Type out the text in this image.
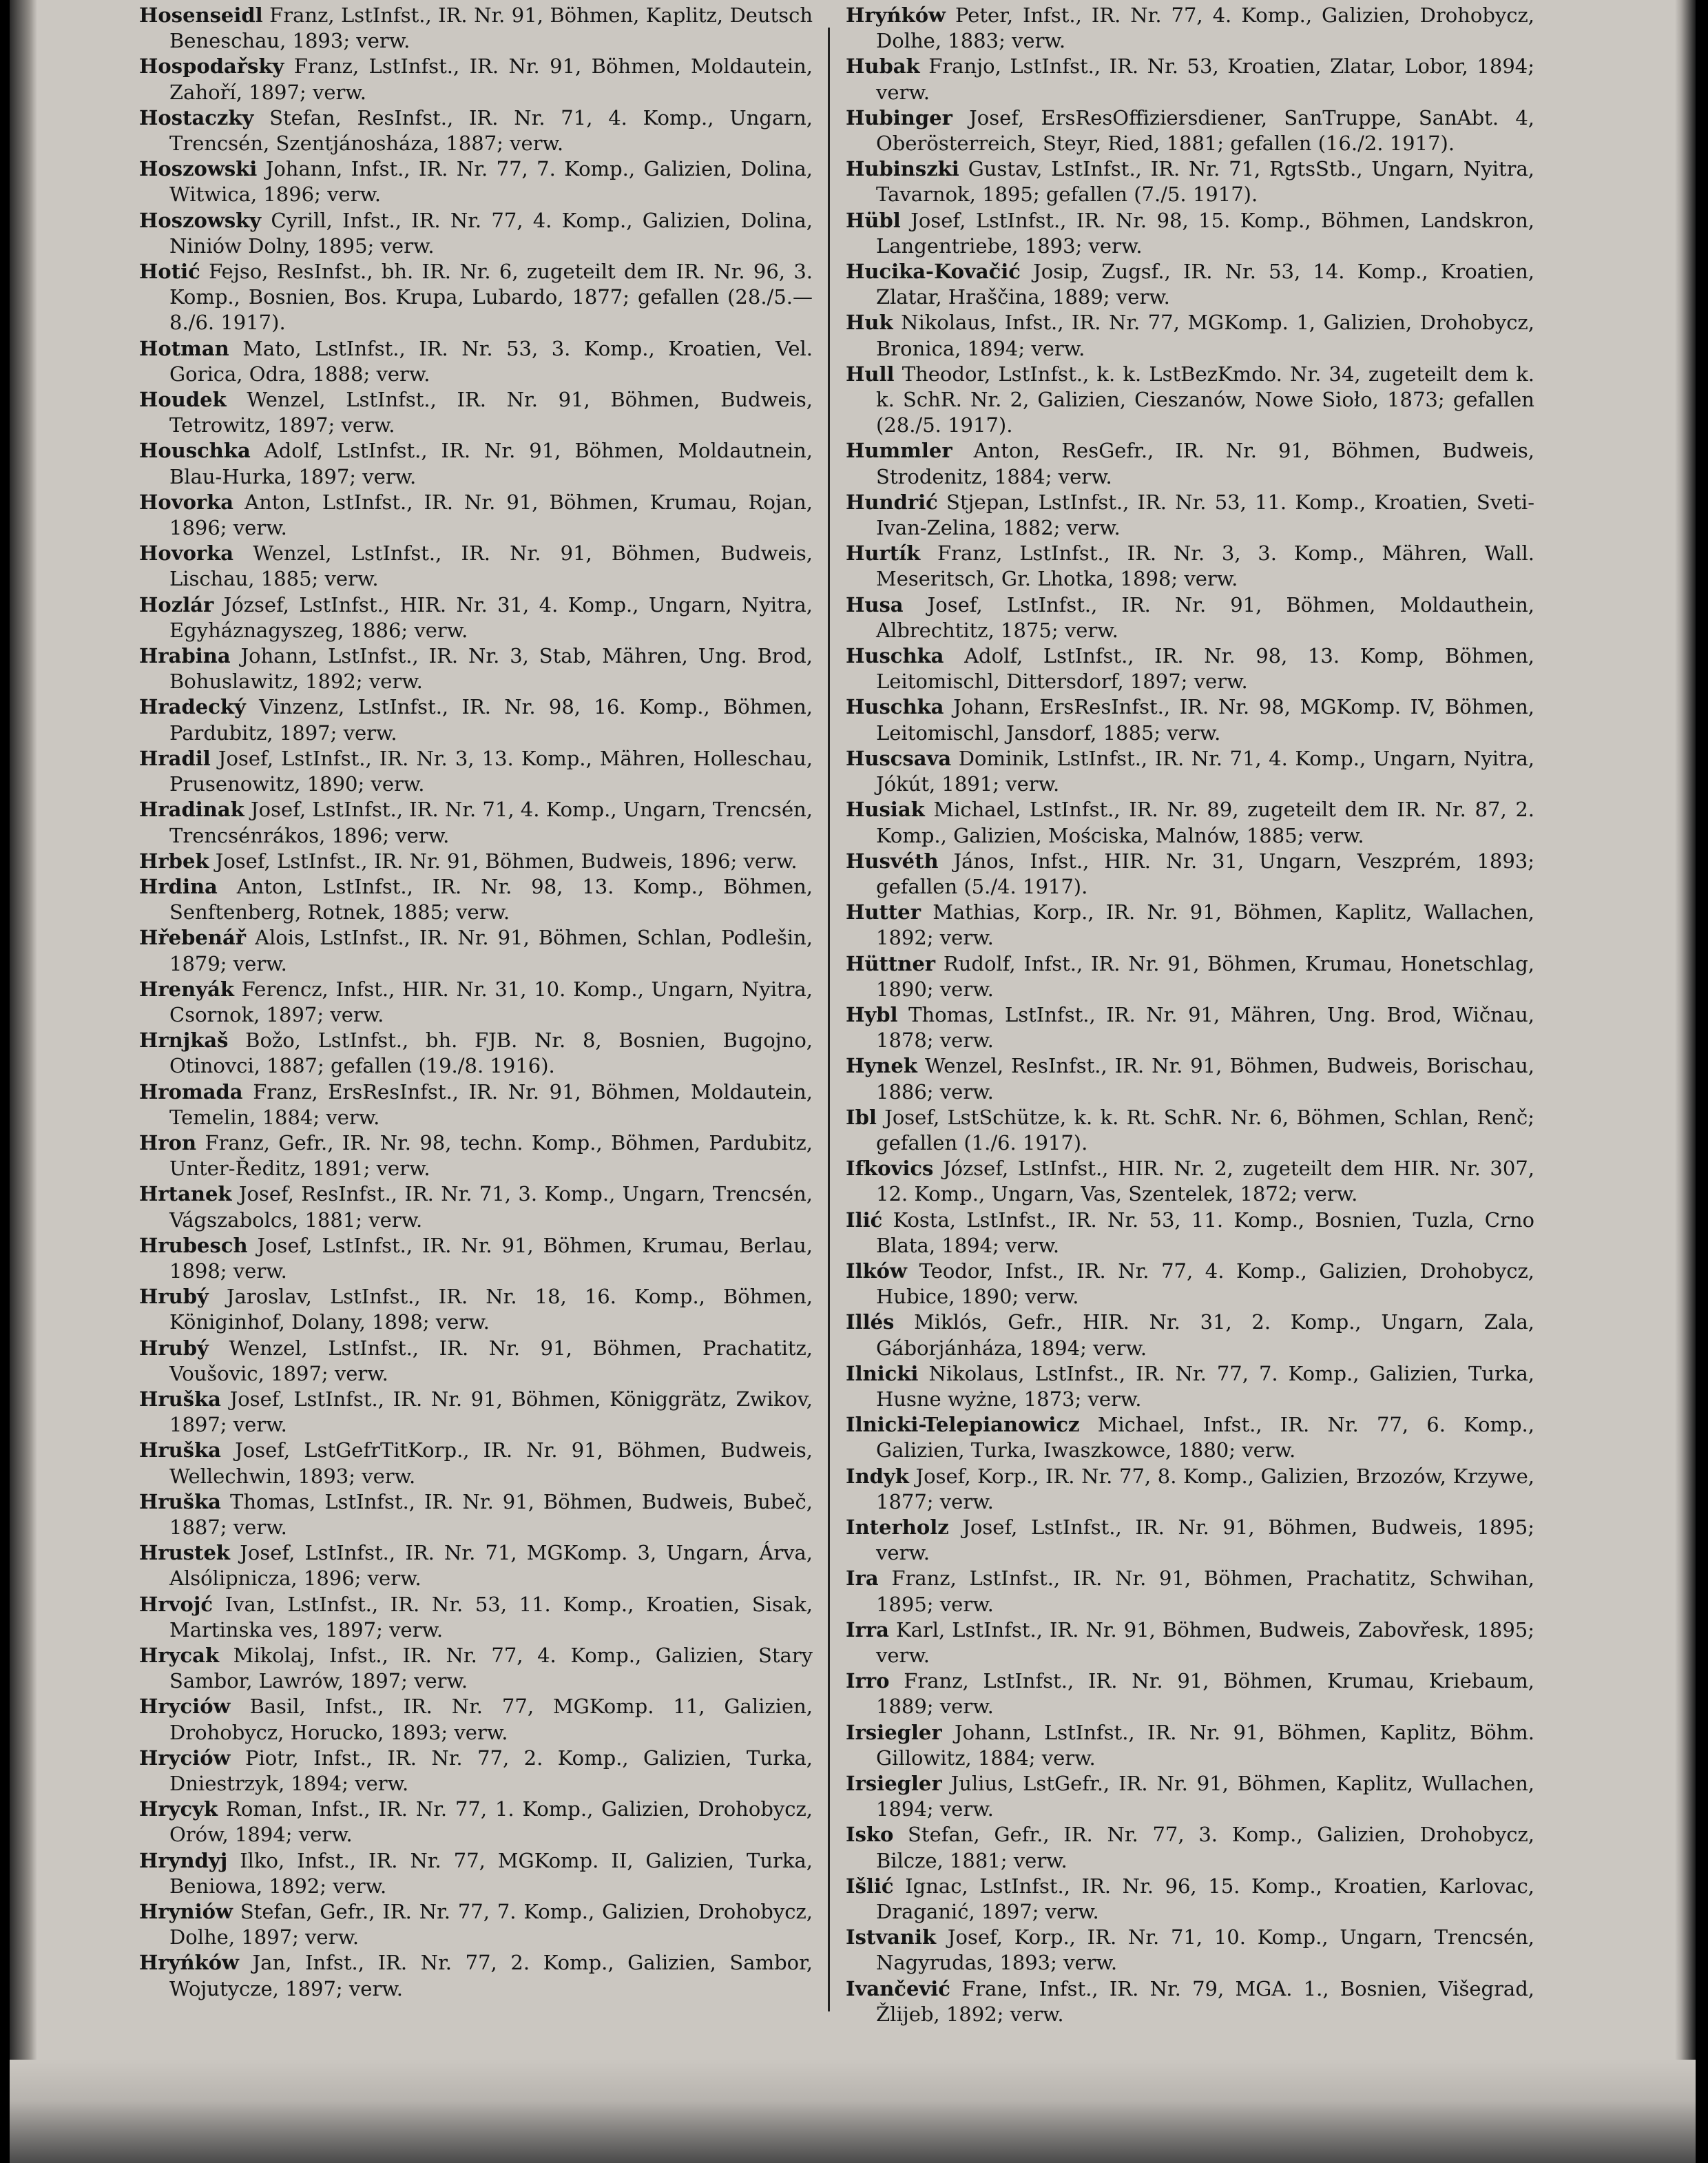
Hosenseidl Franz, LstInfst., IR. Nr. 91, Böhmen, Kaplitz, Deutsch Beneschau, 1893; verw.

Hospodařsky Franz, LstInfst., IR. Nr. 91, Böhmen, Moldautein, Zahoří, 1897; verw.

Hostaczky Stefan, ResInfst., IR. Nr. 71, 4. Komp., Ungarn, Trencsén, Szentjánosháza, 1887; verw.

Hoszowski Johann, Infst., IR. Nr. 77, 7. Komp., Galizien, Dolina, Witwica, 1896; verw.

Hoszowsky Cyrill, Infst., IR. Nr. 77, 4. Komp., Galizien, Dolina, Niniów Dolny, 1895; verw.

Hotić Fejso, ResInfst., bh. IR. Nr. 6, zugeteilt dem IR. Nr. 96, 3. Komp., Bosnien, Bos. Krupa, Lubardo, 1877; gefallen (28./5.—8./6. 1917).

Hotman Mato, LstInfst., IR. Nr. 53, 3. Komp., Kroatien, Vel. Gorica, Odra, 1888; verw.

Houdek Wenzel, LstInfst., IR. Nr. 91, Böhmen, Budweis, Tetrowitz, 1897; verw.

Houschka Adolf, LstInfst., IR. Nr. 91, Böhmen, Moldautnein, Blau-Hurka, 1897; verw.

Hovorka Anton, LstInfst., IR. Nr. 91, Böhmen, Krumau, Rojan, 1896; verw.

Hovorka Wenzel, LstInfst., IR. Nr. 91, Böhmen, Budweis, Lischau, 1885; verw.

Hozlár József, LstInfst., HIR. Nr. 31, 4. Komp., Ungarn, Nyitra, Egyháznagyszeg, 1886; verw.

Hrabina Johann, LstInfst., IR. Nr. 3, Stab, Mähren, Ung. Brod, Bohuslawitz, 1892; verw.

Hradecký Vinzenz, LstInfst., IR. Nr. 98, 16. Komp., Böhmen, Pardubitz, 1897; verw.

Hradil Josef, LstInfst., IR. Nr. 3, 13. Komp., Mähren, Holleschau, Prusenowitz, 1890; verw.

Hradinak Josef, LstInfst., IR. Nr. 71, 4. Komp., Ungarn, Trencsén, Trencsénrákos, 1896; verw.

Hrbek Josef, LstInfst., IR. Nr. 91, Böhmen, Budweis, 1896; verw.

Hrdina Anton, LstInfst., IR. Nr. 98, 13. Komp., Böhmen, Senftenberg, Rotnek, 1885; verw.

Hřebenář Alois, LstInfst., IR. Nr. 91, Böhmen, Schlan, Podlešin, 1879; verw.

Hrenyák Ferencz, Infst., HIR. Nr. 31, 10. Komp., Ungarn, Nyitra, Csornok, 1897; verw.

Hrnjkaš Božo, LstInfst., bh. FJB. Nr. 8, Bosnien, Bugojno, Otinovci, 1887; gefallen (19./8. 1916).

Hromada Franz, ErsResInfst., IR. Nr. 91, Böhmen, Moldautein, Temelin, 1884; verw.

Hron Franz, Gefr., IR. Nr. 98, techn. Komp., Böhmen, Pardubitz, Unter-Ředitz, 1891; verw.

Hrtanek Josef, ResInfst., IR. Nr. 71, 3. Komp., Ungarn, Trencsén, Vágszabolcs, 1881; verw.

Hrubesch Josef, LstInfst., IR. Nr. 91, Böhmen, Krumau, Berlau, 1898; verw.

Hrubý Jaroslav, LstInfst., IR. Nr. 18, 16. Komp., Böhmen, Königinhof, Dolany, 1898; verw.

Hrubý Wenzel, LstInfst., IR. Nr. 91, Böhmen, Prachatitz, Voušovic, 1897; verw.

Hruška Josef, LstInfst., IR. Nr. 91, Böhmen, Königgrätz, Zwikov, 1897; verw.

Hruška Josef, LstGefrTitKorp., IR. Nr. 91, Böhmen, Budweis, Wellechwin, 1893; verw.

Hruška Thomas, LstInfst., IR. Nr. 91, Böhmen, Budweis, Bubeč, 1887; verw.

Hrustek Josef, LstInfst., IR. Nr. 71, MGKomp. 3, Ungarn, Árva, Alsólipnicza, 1896; verw.

Hrvojć Ivan, LstInfst., IR. Nr. 53, 11. Komp., Kroatien, Sisak, Martinska ves, 1897; verw.

Hrycak Mikolaj, Infst., IR. Nr. 77, 4. Komp., Galizien, Stary Sambor, Lawrów, 1897; verw.

Hryciów Basil, Infst., IR. Nr. 77, MGKomp. 11, Galizien, Drohobycz, Horucko, 1893; verw.

Hryciów Piotr, Infst., IR. Nr. 77, 2. Komp., Galizien, Turka, Dniestrzyk, 1894; verw.

Hrycyk Roman, Infst., IR. Nr. 77, 1. Komp., Galizien, Drohobycz, Orów, 1894; verw.

Hryndyj Ilko, Infst., IR. Nr. 77, MGKomp. II, Galizien, Turka, Beniowa, 1892; verw.

Hryniów Stefan, Gefr., IR. Nr. 77, 7. Komp., Galizien, Drohobycz, Dolhe, 1897; verw.

Hryńków Jan, Infst., IR. Nr. 77, 2. Komp., Galizien, Sambor, Wojutycze, 1897; verw.

Hryńków Peter, Infst., IR. Nr. 77, 4. Komp., Galizien, Drohobycz, Dolhe, 1883; verw.

Hubak Franjo, LstInfst., IR. Nr. 53, Kroatien, Zlatar, Lobor, 1894; verw.

Hubinger Josef, ErsResOffiziersdiener, SanTruppe, SanAbt. 4, Oberösterreich, Steyr, Ried, 1881; gefallen (16./2. 1917).

Hubinszki Gustav, LstInfst., IR. Nr. 71, RgtsStb., Ungarn, Nyitra, Tavarnok, 1895; gefallen (7./5. 1917).

Hübl Josef, LstInfst., IR. Nr. 98, 15. Komp., Böhmen, Landskron, Langentriebe, 1893; verw.

Hucika-Kovačić Josip, Zugsf., IR. Nr. 53, 14. Komp., Kroatien, Zlatar, Hraščina, 1889; verw.

Huk Nikolaus, Infst., IR. Nr. 77, MGKomp. 1, Galizien, Drohobycz, Bronica, 1894; verw.

Hull Theodor, LstInfst., k. k. LstBezKmdo. Nr. 34, zugeteilt dem k. k. SchR. Nr. 2, Galizien, Cieszanów, Nowe Sioło, 1873; gefallen (28./5. 1917).

Hummler Anton, ResGefr., IR. Nr. 91, Böhmen, Budweis, Strodenitz, 1884; verw.

Hundrić Stjepan, LstInfst., IR. Nr. 53, 11. Komp., Kroatien, Sveti-Ivan-Zelina, 1882; verw.

Hurtík Franz, LstInfst., IR. Nr. 3, 3. Komp., Mähren, Wall. Meseritsch, Gr. Lhotka, 1898; verw.

Husa Josef, LstInfst., IR. Nr. 91, Böhmen, Moldauthein, Albrechtitz, 1875; verw.

Huschka Adolf, LstInfst., IR. Nr. 98, 13. Komp, Böhmen, Leitomischl, Dittersdorf, 1897; verw.

Huschka Johann, ErsResInfst., IR. Nr. 98, MGKomp. IV, Böhmen, Leitomischl, Jansdorf, 1885; verw.

Huscsava Dominik, LstInfst., IR. Nr. 71, 4. Komp., Ungarn, Nyitra, Jókút, 1891; verw.

Husiak Michael, LstInfst., IR. Nr. 89, zugeteilt dem IR. Nr. 87, 2. Komp., Galizien, Mościska, Malnów, 1885; verw.

Husvéth János, Infst., HIR. Nr. 31, Ungarn, Veszprém, 1893; gefallen (5./4. 1917).

Hutter Mathias, Korp., IR. Nr. 91, Böhmen, Kaplitz, Wallachen, 1892; verw.

Hüttner Rudolf, Infst., IR. Nr. 91, Böhmen, Krumau, Honetschlag, 1890; verw.

Hybl Thomas, LstInfst., IR. Nr. 91, Mähren, Ung. Brod, Wičnau, 1878; verw.

Hynek Wenzel, ResInfst., IR. Nr. 91, Böhmen, Budweis, Borischau, 1886; verw.

Ibl Josef, LstSchütze, k. k. Rt. SchR. Nr. 6, Böhmen, Schlan, Renč; gefallen (1./6. 1917).

Ifkovics József, LstInfst., HIR. Nr. 2, zugeteilt dem HIR. Nr. 307, 12. Komp., Ungarn, Vas, Szentelek, 1872; verw.

Ilić Kosta, LstInfst., IR. Nr. 53, 11. Komp., Bosnien, Tuzla, Crno Blata, 1894; verw.

Ilków Teodor, Infst., IR. Nr. 77, 4. Komp., Galizien, Drohobycz, Hubice, 1890; verw.

Illés Miklós, Gefr., HIR. Nr. 31, 2. Komp., Ungarn, Zala, Gáborjánháza, 1894; verw.

Ilnicki Nikolaus, LstInfst., IR. Nr. 77, 7. Komp., Galizien, Turka, Husne wyżne, 1873; verw.

Ilnicki-Telepianowicz Michael, Infst., IR. Nr. 77, 6. Komp., Galizien, Turka, Iwaszkowce, 1880; verw.

Indyk Josef, Korp., IR. Nr. 77, 8. Komp., Galizien, Brzozów, Krzywe, 1877; verw.

Interholz Josef, LstInfst., IR. Nr. 91, Böhmen, Budweis, 1895; verw.

Ira Franz, LstInfst., IR. Nr. 91, Böhmen, Prachatitz, Schwihan, 1895; verw.

Irra Karl, LstInfst., IR. Nr. 91, Böhmen, Budweis, Zabovřesk, 1895; verw.

Irro Franz, LstInfst., IR. Nr. 91, Böhmen, Krumau, Kriebaum, 1889; verw.

Irsiegler Johann, LstInfst., IR. Nr. 91, Böhmen, Kaplitz, Böhm. Gillowitz, 1884; verw.

Irsiegler Julius, LstGefr., IR. Nr. 91, Böhmen, Kaplitz, Wullachen, 1894; verw.

Isko Stefan, Gefr., IR. Nr. 77, 3. Komp., Galizien, Drohobycz, Bilcze, 1881; verw.

Išlić Ignac, LstInfst., IR. Nr. 96, 15. Komp., Kroatien, Karlovac, Draganić, 1897; verw.

Istvanik Josef, Korp., IR. Nr. 71, 10. Komp., Ungarn, Trencsén, Nagyrudas, 1893; verw.

Ivančević Frane, Infst., IR. Nr. 79, MGA. 1., Bosnien, Višegrad, Žlijeb, 1892; verw.
